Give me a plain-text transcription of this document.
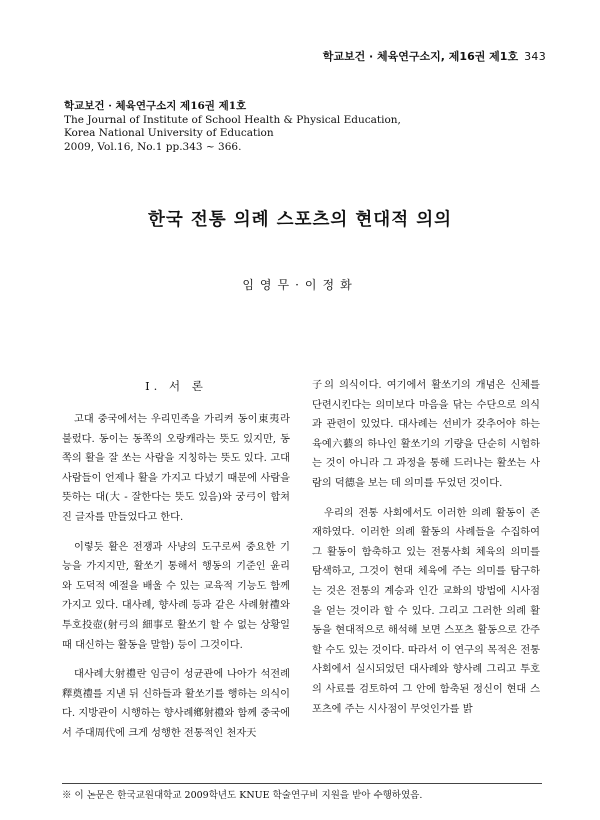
학교보건 · 체육연구소지, 제16권 제1호 343
학교보건 · 체육연구소지 제16권 제1호
The Journal of Institute of School Health & Physical Education,
Korea National University of Education
2009, Vol.16, No.1 pp.343 ~ 366.
한국 전통 의례 스포츠의 현대적 의의
임영무·이정화
Ⅰ. 서 론

고대 중국에서는 우리민족을 가리켜 동이東夷라 불렀다. 동이는 동쪽의 오랑캐라는 뜻도 있지만, 동쪽의 활을 잘 쏘는 사람을 지칭하는 뜻도 있다. 고대 사람들이 언제나 활을 가지고 다녔기 때문에 사람을 뜻하는 대(大 - 잘한다는 뜻도 있음)와 궁弓이 합쳐진 글자를 만들었다고 한다.

이렇듯 활은 전쟁과 사냥의 도구로써 중요한 기능을 가지지만, 활쏘기 통해서 행동의 기준인 윤리와 도덕적 예절을 배울 수 있는 교육적 기능도 함께 가지고 있다. 대사례, 향사례 등과 같은 사례射禮와 투호投壺(射弓의 細事로 활쏘기 할 수 없는 상황일 때 대신하는 활동을 말함) 등이 그것이다.

대사례大射禮란 임금이 성균관에 나아가 석전례釋奠禮를 지낸 뒤 신하들과 활쏘기를 행하는 의식이다. 지방관이 시행하는 향사례鄕射禮와 함께 중국에서 주대周代에 크게 성행한 전통적인 천자天

子의 의식이다. 여기에서 활쏘기의 개념은 신체를 단련시킨다는 의미보다 마음을 닦는 수단으로 의식과 관련이 있었다. 대사례는 선비가 갖추어야 하는 육예六藝의 하나인 활쏘기의 기량을 단순히 시험하는 것이 아니라 그 과정을 통해 드러나는 활쏘는 사람의 덕德을 보는 데 의미를 두었던 것이다.

우리의 전통 사회에서도 이러한 의례 활동이 존재하였다. 이러한 의례 활동의 사례들을 수집하여 그 활동이 함축하고 있는 전통사회 체육의 의미를 탐색하고, 그것이 현대 체육에 주는 의미를 탐구하는 것은 전통의 계승과 인간 교화의 방법에 시사점을 얻는 것이라 할 수 있다. 그리고 그러한 의례 활동을 현대적으로 해석해 보면 스포츠 활동으로 간주 할 수도 있는 것이다. 따라서 이 연구의 목적은 전통사회에서 실시되었던 대사례와 향사례 그리고 투호의 사료를 검토하여 그 안에 함축된 정신이 현대 스포츠에 주는 시사점이 무엇인가를 밝

※ 이 논문은 한국교원대학교 2009학년도 KNUE 학술연구비 지원을 받아 수행하였음.
